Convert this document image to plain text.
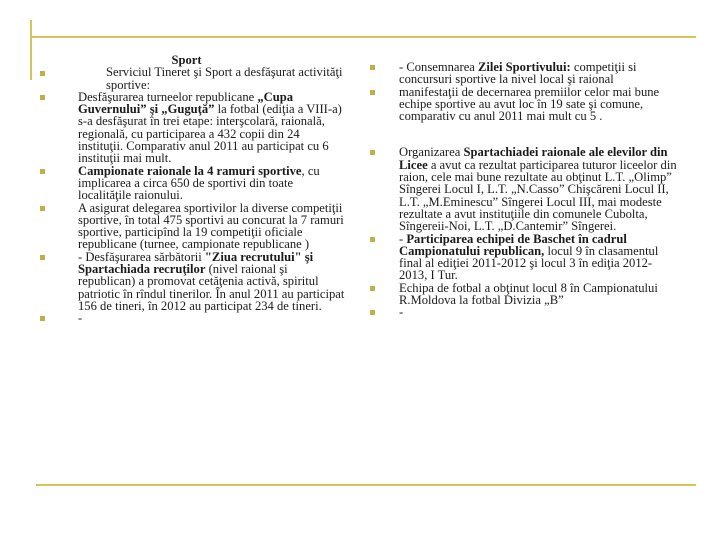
Sport
Serviciul Tineret şi Sport a desfăşurat activităţi sportive:
Desfăşurarea turneelor republicane „Cupa Guvernului” şi „Guguţă” la fotbal (ediţia a VIII-a) s-a desfăşurat în trei etape: interşcolară, raională, regională, cu participarea a 432 copii din 24 instituţii. Comparativ anul 2011 au participat cu 6 instituţii mai mult.
Campionate raionale la 4 ramuri sportive, cu implicarea a circa 650 de sportivi din toate localităţile raionului.
A asigurat delegarea sportivilor la diverse competiţii sportive, în total 475 sportivi au concurat la 7 ramuri sportive, participînd la 19 competiţii oficiale republicane (turnee, campionate republicane )
- Desfăşurarea sărbătorii "Ziua recrutului" şi Spartachiada recruţilor (nivel raional şi republican) a promovat cetăţenia activă, spiritul patriotic în rîndul tinerilor. În anul 2011 au participat 156 de tineri, în 2012 au participat 234 de tineri.
-
- Consemnarea Zilei Sportivului: competiţii si concursuri sportive la nivel local şi raional
manifestaţii de decernarea premiilor celor mai bune echipe sportive au avut loc în 19 sate şi comune, comparativ cu anul 2011 mai mult cu 5 .
Organizarea Spartachiadei raionale ale elevilor din Licee a avut ca rezultat participarea tuturor liceelor din raion, cele mai bune rezultate au obţinut L.T. „Olimp” Sîngerei Locul I, L.T. „N.Casso” Chişcăreni Locul II, L.T. „M.Eminescu” Sîngerei Locul III, mai modeste rezultate a avut instituţiile din comunele Cubolta, Sîngereii-Noi, L.T. „D.Cantemir” Sîngerei.
- Participarea echipei de Baschet în cadrul Campionatului republican, locul 9 în clasamentul final al ediţiei 2011-2012 şi locul 3 în ediţia 2012-2013, I Tur.
Echipa de fotbal a obţinut locul 8 în Campionatului R.Moldova la fotbal Divizia „B”
-
